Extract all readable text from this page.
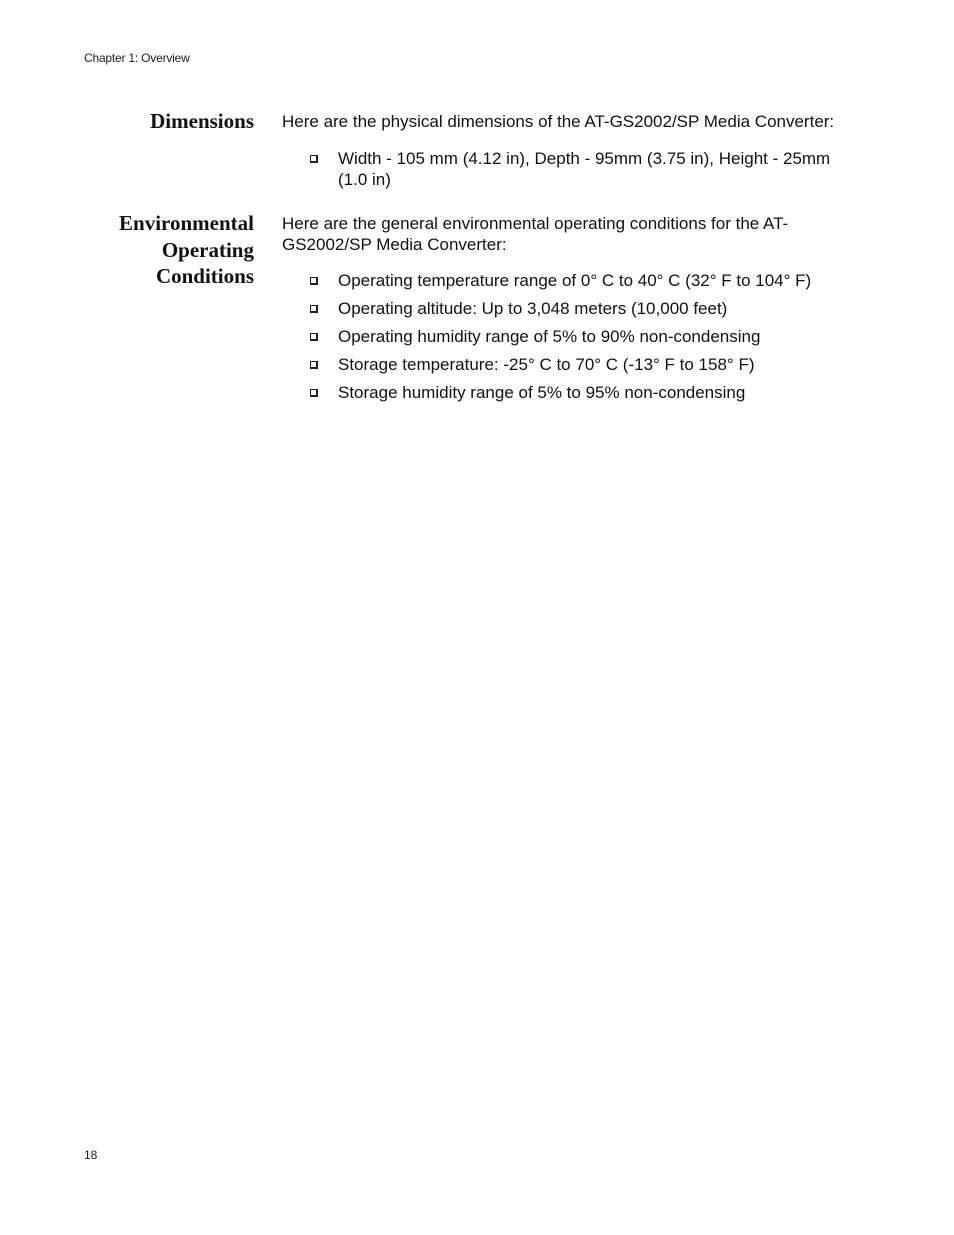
Chapter 1: Overview
Dimensions Here are the physical dimensions of the AT-GS2002/SP Media Converter:

Width - 105 mm (4.12 in), Depth - 95mm (3.75 in), Height - 25mm (1.0 in)
Environmental
Operating
Conditions

Here are the general environmental operating conditions for the AT-GS2002/SP Media Converter:

Operating temperature range of 0° C to 40° C (32° F to 104° F)
Operating altitude: Up to 3,048 meters (10,000 feet)
Operating humidity range of 5% to 90% non-condensing
Storage temperature: -25° C to 70° C (-13° F to 158° F)
Storage humidity range of 5% to 95% non-condensing
18
